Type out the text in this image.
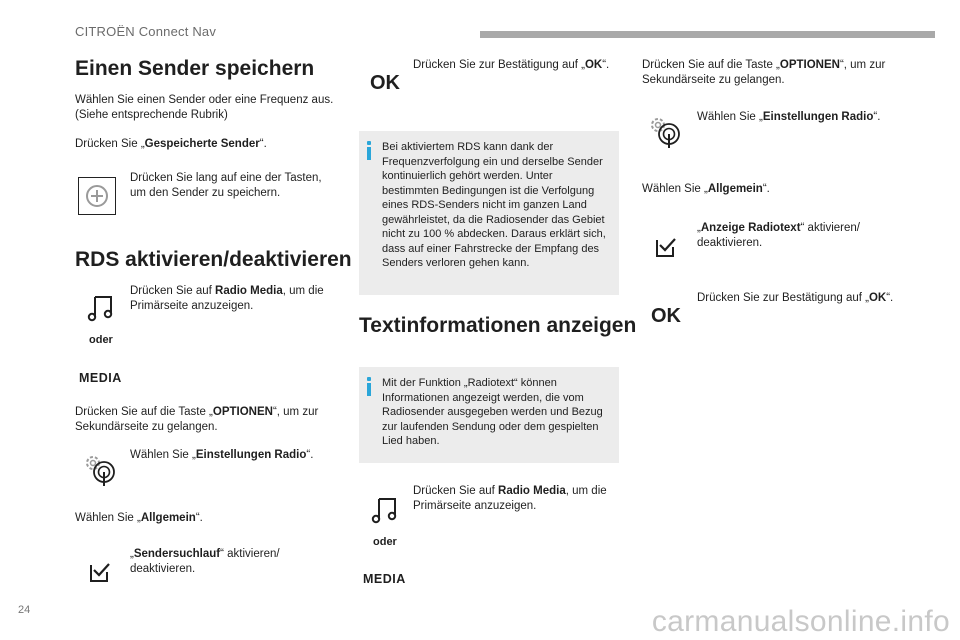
CITROËN Connect Nav
Einen Sender speichern
Wählen Sie einen Sender oder eine Frequenz aus.
(Siehe entsprechende Rubrik)
Drücken Sie „Gespeicherte Sender“.
Drücken Sie lang auf eine der Tasten, um den Sender zu speichern.
RDS aktivieren/deaktivieren
Drücken Sie auf Radio Media, um die Primärseite anzuzeigen.
oder
MEDIA
Drücken Sie auf die Taste „OPTIONEN“, um zur Sekundärseite zu gelangen.
Wählen Sie „Einstellungen Radio“.
Wählen Sie „Allgemein“.
„Sendersuchlauf“ aktivieren/ deaktivieren.
OK
Drücken Sie zur Bestätigung auf „OK“.
Bei aktiviertem RDS kann dank der Frequenzverfolgung ein und derselbe Sender kontinuierlich gehört werden. Unter bestimmten Bedingungen ist die Verfolgung eines RDS-Senders nicht im ganzen Land gewährleistet, da die Radiosender das Gebiet nicht zu 100 % abdecken. Daraus erklärt sich, dass auf einer Fahrstrecke der Empfang des Senders verloren gehen kann.
Textinformationen anzeigen
Mit der Funktion „Radiotext“ können Informationen angezeigt werden, die vom Radiosender ausgegeben werden und Bezug zur laufenden Sendung oder dem gespielten Lied haben.
Drücken Sie auf Radio Media, um die Primärseite anzuzeigen.
oder
MEDIA
Drücken Sie auf die Taste „OPTIONEN“, um zur Sekundärseite zu gelangen.
Wählen Sie „Einstellungen Radio“.
Wählen Sie „Allgemein“.
„Anzeige Radiotext“ aktivieren/ deaktivieren.
OK
Drücken Sie zur Bestätigung auf „OK“.
24	carmanualsonline.info
